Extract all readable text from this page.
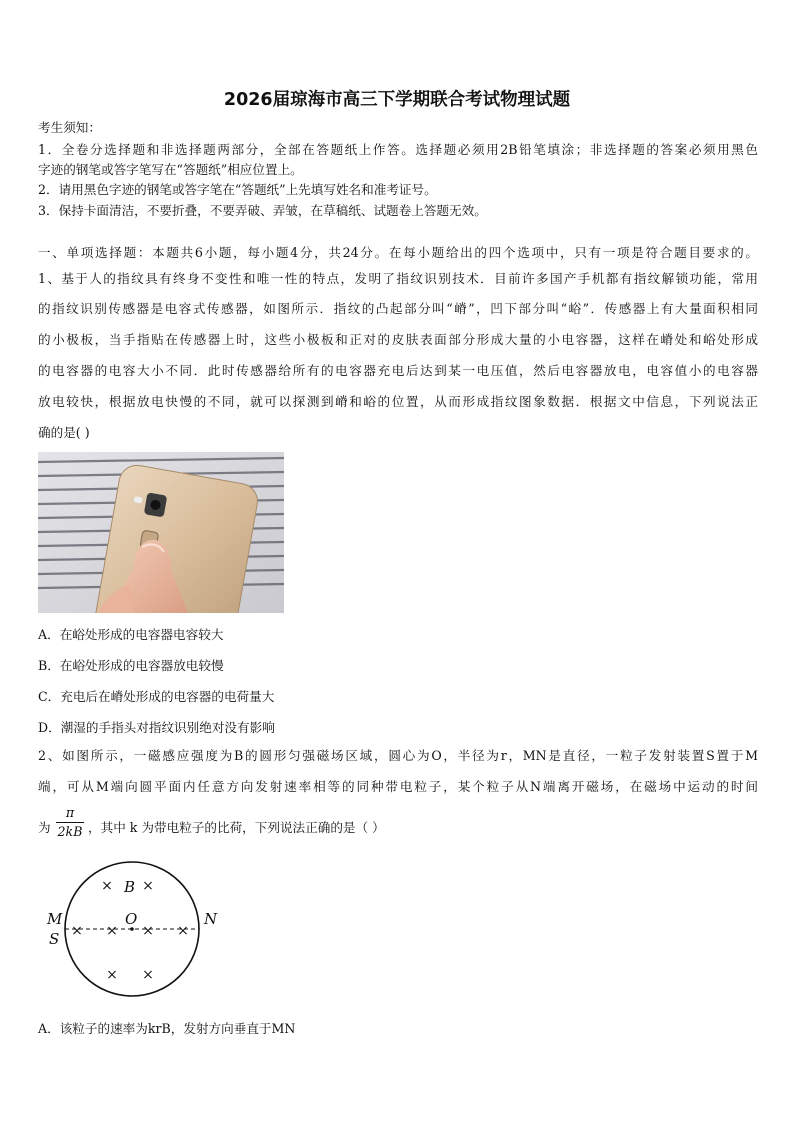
2026届琼海市高三下学期联合考试物理试题
考生须知：
1．全卷分选择题和非选择题两部分，全部在答题纸上作答。选择题必须用2B铅笔填涂；非选择题的答案必须用黑色
字迹的钢笔或答字笔写在“答题纸”相应位置上。
2．请用黑色字迹的钢笔或答字笔在“答题纸”上先填写姓名和准考证号。
3．保持卡面清洁，不要折叠，不要弄破、弄皱，在草稿纸、试题卷上答题无效。
一、单项选择题：本题共6小题，每小题4分，共24分。在每小题给出的四个选项中，只有一项是符合题目要求的。
1、基于人的指纹具有终身不变性和唯一性的特点，发明了指纹识别技术．目前许多国产手机都有指纹解锁功能，常用
的指纹识别传感器是电容式传感器，如图所示．指纹的凸起部分叫“嵴”，凹下部分叫“峪”．传感器上有大量面积相同
的小极板，当手指贴在传感器上时，这些小极板和正对的皮肤表面部分形成大量的小电容器，这样在嵴处和峪处形成
的电容器的电容大小不同．此时传感器给所有的电容器充电后达到某一电压值，然后电容器放电，电容值小的电容器
放电较快，根据放电快慢的不同，就可以探测到嵴和峪的位置，从而形成指纹图象数据．根据文中信息，下列说法正
确的是( )
A．在峪处形成的电容器电容较大
B．在峪处形成的电容器放电较慢
C．充电后在嵴处形成的电容器的电荷量大
D．潮湿的手指头对指纹识别绝对没有影响
2、如图所示，一磁感应强度为B的圆形匀强磁场区域，圆心为O，半径为r，MN是直径，一粒子发射装置S置于M
端，可从M端向圆平面内任意方向发射速率相等的同种带电粒子，某个粒子从N端离开磁场，在磁场中运动的时间
为
π
2kB ，其中 k 为带电粒子的比荷，下列说法正确的是（ ）
× ×
× × × ×
× ×
B
O
M
S
N
A．该粒子的速率为krB，发射方向垂直于MN
